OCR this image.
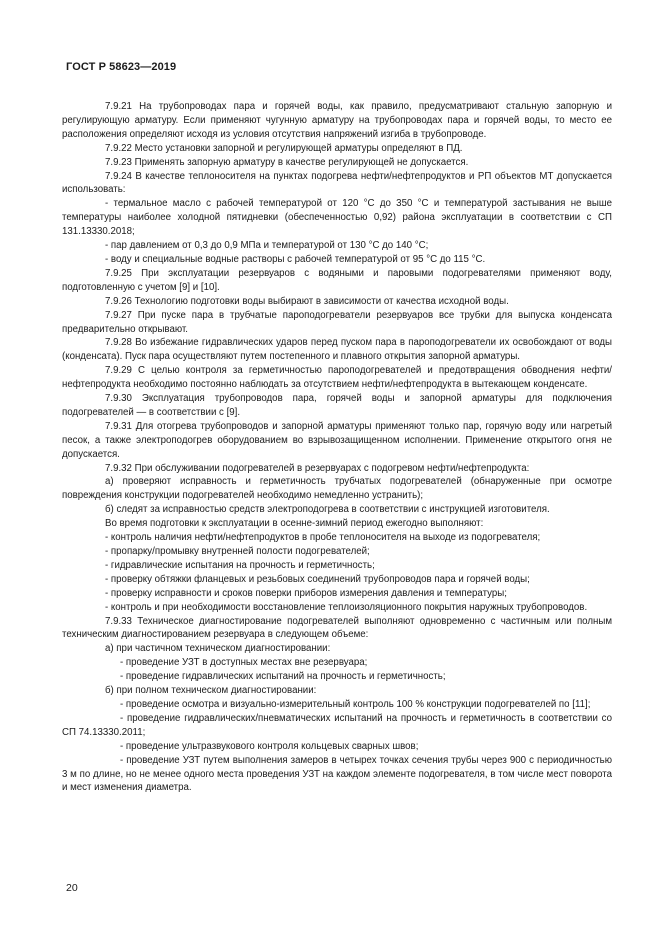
ГОСТ Р 58623—2019

7.9.21 На трубопроводах пара и горячей воды, как правило, предусматривают стальную запорную и регулирующую арматуру. Если применяют чугунную арматуру на трубопроводах пара и горячей воды, то место ее расположения определяют исходя из условия отсутствия напряжений изгиба в трубопроводе.

7.9.22 Место установки запорной и регулирующей арматуры определяют в ПД.

7.9.23 Применять запорную арматуру в качестве регулирующей не допускается.

7.9.24 В качестве теплоносителя на пунктах подогрева нефти/нефтепродуктов и РП объектов МТ допускается использовать:

- термальное масло с рабочей температурой от 120 °С до 350 °С и температурой застывания не выше температуры наиболее холодной пятидневки (обеспеченностью 0,92) района эксплуатации в соответствии с СП 131.13330.2018;

- пар давлением от 0,3 до 0,9 МПа и температурой от 130 °С до 140 °С;

- воду и специальные водные растворы с рабочей температурой от 95 °С до 115 °С.

7.9.25 При эксплуатации резервуаров с водяными и паровыми подогревателями применяют воду, подготовленную с учетом [9] и [10].

7.9.26 Технологию подготовки воды выбирают в зависимости от качества исходной воды.

7.9.27 При пуске пара в трубчатые пароподогреватели резервуаров все трубки для выпуска конденсата предварительно открывают.

7.9.28 Во избежание гидравлических ударов перед пуском пара в пароподогреватели их освобождают от воды (конденсата). Пуск пара осуществляют путем постепенного и плавного открытия запорной арматуры.

7.9.29 С целью контроля за герметичностью пароподогревателей и предотвращения обводнения нефти/нефтепродукта необходимо постоянно наблюдать за отсутствием нефти/нефтепродукта в вытекающем конденсате.

7.9.30 Эксплуатация трубопроводов пара, горячей воды и запорной арматуры для подключения подогревателей — в соответствии с [9].

7.9.31 Для отогрева трубопроводов и запорной арматуры применяют только пар, горячую воду или нагретый песок, а также электроподогрев оборудованием во взрывозащищенном исполнении. Применение открытого огня не допускается.

7.9.32 При обслуживании подогревателей в резервуарах с подогревом нефти/нефтепродукта:

а) проверяют исправность и герметичность трубчатых подогревателей (обнаруженные при осмотре повреждения конструкции подогревателей необходимо немедленно устранить);

б) следят за исправностью средств электроподогрева в соответствии с инструкцией изготовителя.

Во время подготовки к эксплуатации в осенне-зимний период ежегодно выполняют:

- контроль наличия нефти/нефтепродуктов в пробе теплоносителя на выходе из подогревателя;

- пропарку/промывку внутренней полости подогревателей;

- гидравлические испытания на прочность и герметичность;

- проверку обтяжки фланцевых и резьбовых соединений трубопроводов пара и горячей воды;

- проверку исправности и сроков поверки приборов измерения давления и температуры;

- контроль и при необходимости восстановление теплоизоляционного покрытия наружных трубопроводов.

7.9.33 Техническое диагностирование подогревателей выполняют одновременно с частичным или полным техническим диагностированием резервуара в следующем объеме:

а) при частичном техническом диагностировании:

- проведение УЗТ в доступных местах вне резервуара;

- проведение гидравлических испытаний на прочность и герметичность;

б) при полном техническом диагностировании:

- проведение осмотра и визуально-измерительный контроль 100 % конструкции подогревателей по [11];

- проведение гидравлических/пневматических испытаний на прочность и герметичность в соответствии со СП 74.13330.2011;

- проведение ультразвукового контроля кольцевых сварных швов;

- проведение УЗТ путем выполнения замеров в четырех точках сечения трубы через 900 с периодичностью 3 м по длине, но не менее одного места проведения УЗТ на каждом элементе подогревателя, в том числе мест поворота и мест изменения диаметра.

20
